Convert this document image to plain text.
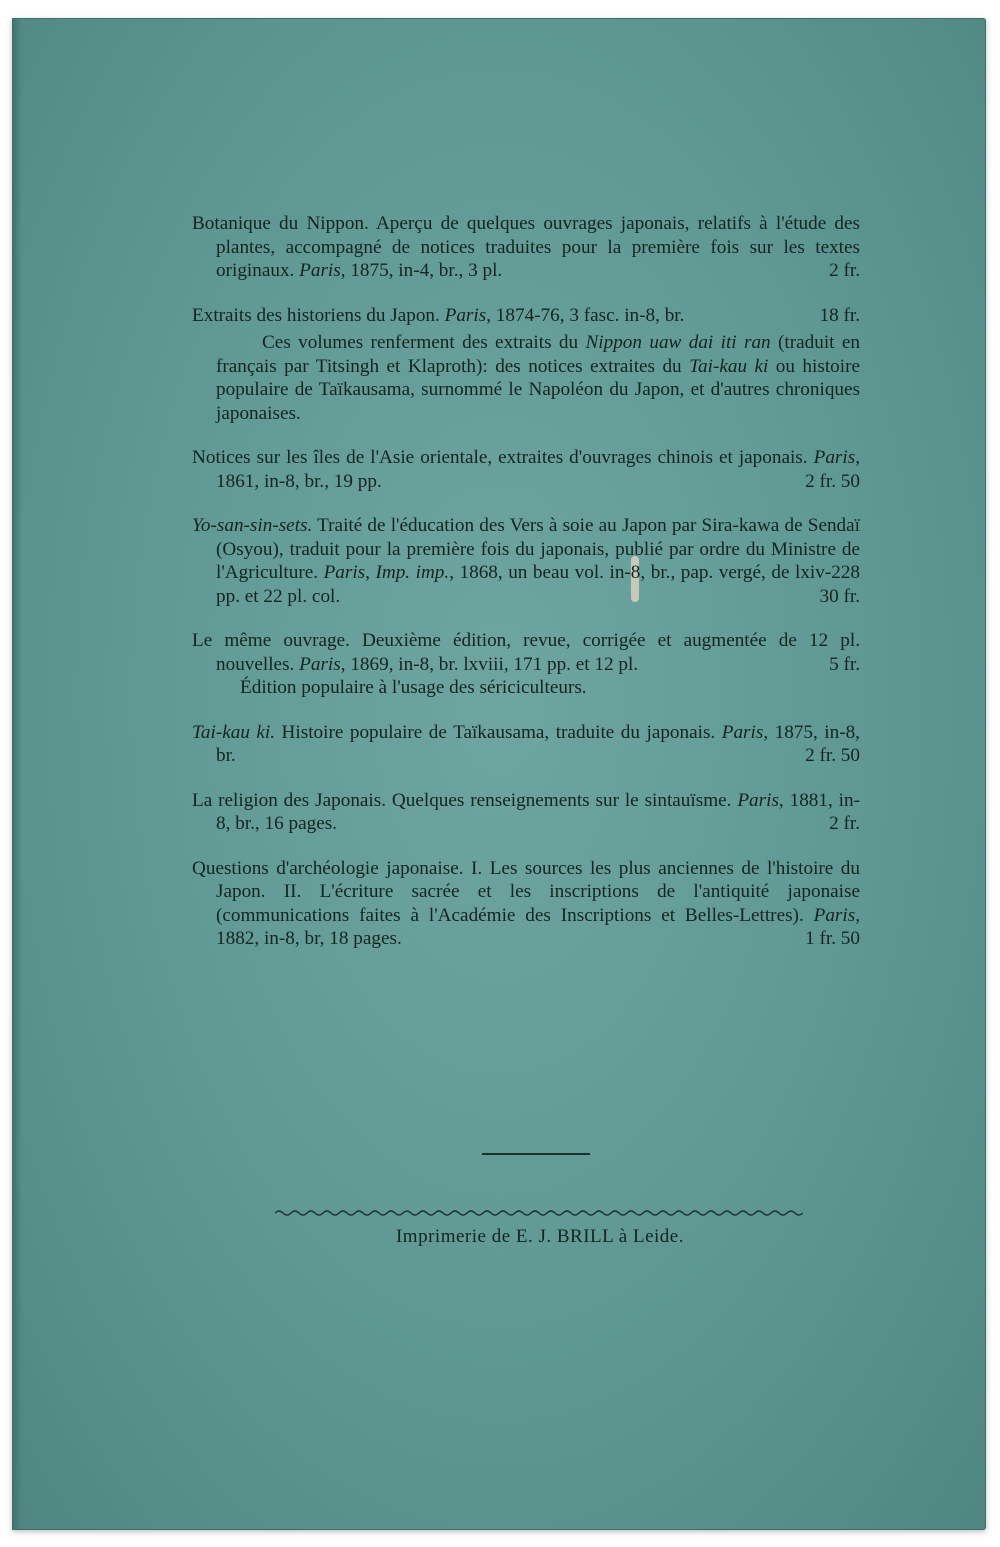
Botanique du Nippon. Aperçu de quelques ouvrages japonais, relatifs à l'étude des plantes, accompagné de notices traduites pour la première fois sur les textes originaux. Paris, 1875, in-4, br., 3 pl.	2 fr.

Extraits des historiens du Japon. Paris, 1874-76, 3 fasc. in-8, br.	18 fr.
Ces volumes renferment des extraits du Nippon uaw dai iti ran (traduit en français par Titsingh et Klaproth): des notices extraites du Tai-kau ki ou histoire populaire de Taïkausama, surnommé le Napoléon du Japon, et d'autres chroniques japonaises.

Notices sur les îles de l'Asie orientale, extraites d'ouvrages chinois et japonais. Paris, 1861, in-8, br., 19 pp.	2 fr. 50

Yo-san-sin-sets. Traité de l'éducation des Vers à soie au Japon par Sira-kawa de Sendaï (Osyou), traduit pour la première fois du japonais, publié par ordre du Ministre de l'Agriculture. Paris, Imp. imp., 1868, un beau vol. in-8, br., pap. vergé, de lxiv-228 pp. et 22 pl. col.	30 fr.

Le même ouvrage. Deuxième édition, revue, corrigée et augmentée de 12 pl. nouvelles. Paris, 1869, in-8, br. lxviii, 171 pp. et 12 pl.	5 fr.
Édition populaire à l'usage des sériciculteurs.

Tai-kau ki. Histoire populaire de Taïkausama, traduite du japonais. Paris, 1875, in-8, br.	2 fr. 50

La religion des Japonais. Quelques renseignements sur le sintauïsme. Paris, 1881, in-8, br., 16 pages.	2 fr.

Questions d'archéologie japonaise. I. Les sources les plus anciennes de l'histoire du Japon. II. L'écriture sacrée et les inscriptions de l'antiquité japonaise (communications faites à l'Académie des Inscriptions et Belles-Lettres). Paris, 1882, in-8, br, 18 pages.	1 fr. 50

Imprimerie de E. J. BRILL à Leide.
